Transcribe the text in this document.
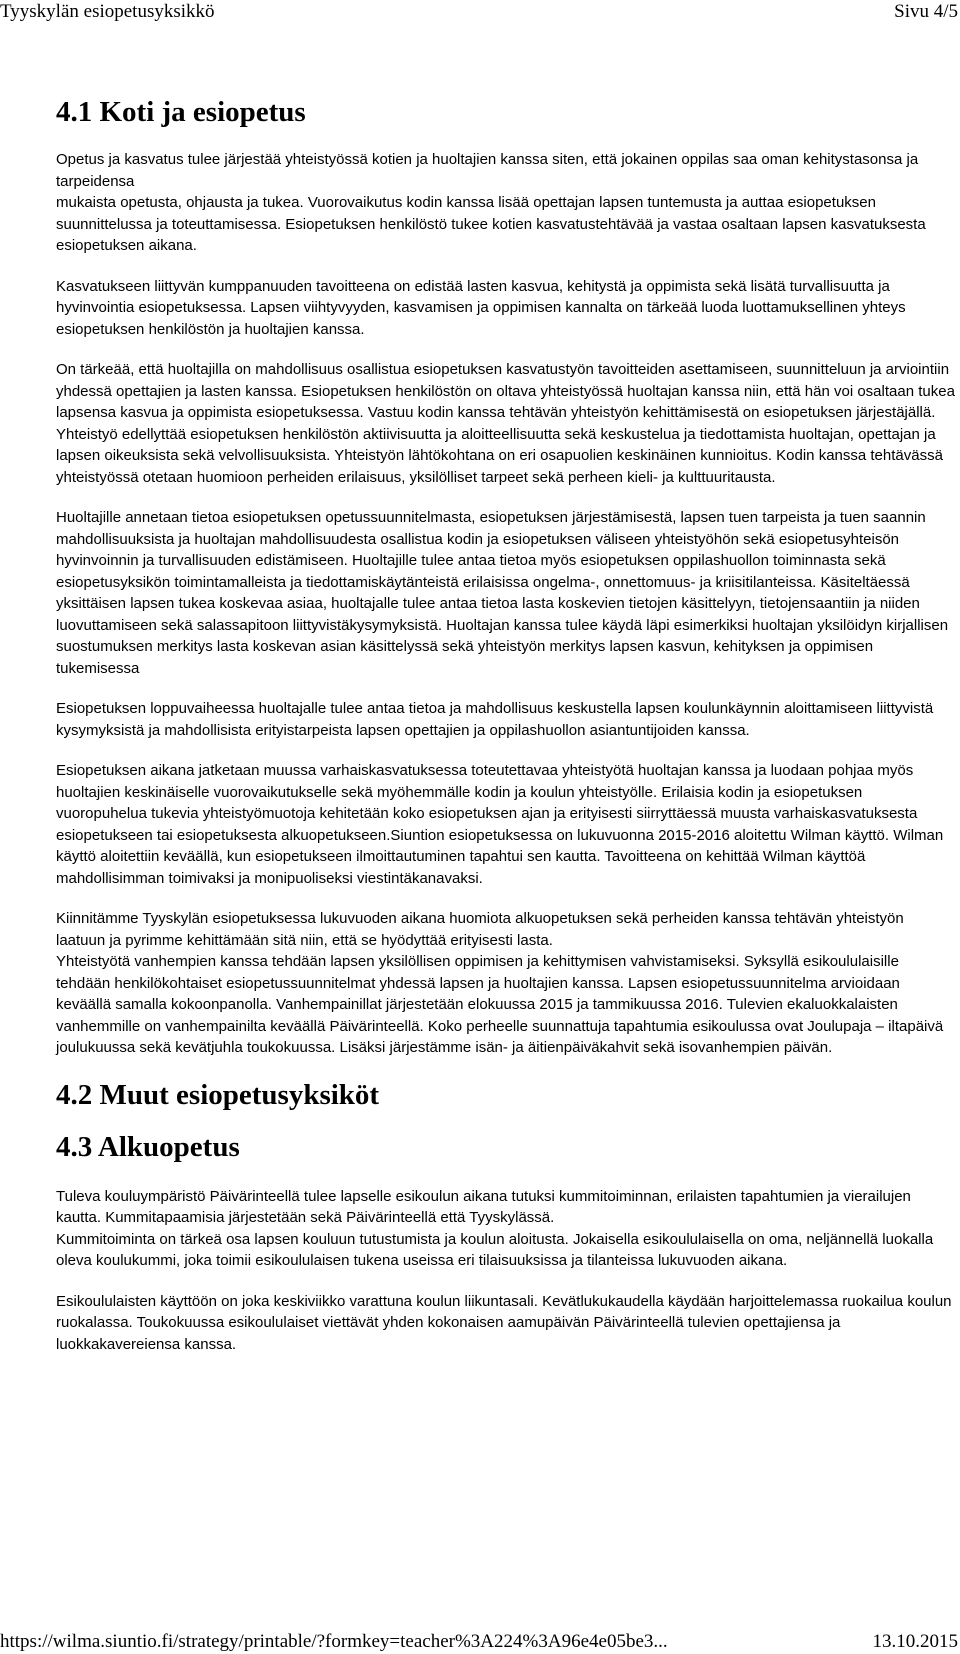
Tyyskylän esiopetusyksikkö	Sivu 4/5
4.1 Koti ja esiopetus

Opetus ja kasvatus tulee järjestää yhteistyössä kotien ja huoltajien kanssa siten, että jokainen oppilas saa oman kehitystasonsa ja tarpeidensa

mukaista opetusta, ohjausta ja tukea. Vuorovaikutus kodin kanssa lisää opettajan lapsen tuntemusta ja auttaa esiopetuksen suunnittelussa ja toteuttamisessa. Esiopetuksen henkilöstö tukee kotien kasvatustehtävää ja vastaa osaltaan lapsen kasvatuksesta esiopetuksen aikana.

Kasvatukseen liittyvän kumppanuuden tavoitteena on edistää lasten kasvua, kehitystä ja oppimista sekä lisätä turvallisuutta ja hyvinvointia esiopetuksessa. Lapsen viihtyvyyden, kasvamisen ja oppimisen kannalta on tärkeää luoda luottamuksellinen yhteys esiopetuksen henkilöstön ja huoltajien kanssa.

On tärkeää, että huoltajilla on mahdollisuus osallistua esiopetuksen kasvatustyön tavoitteiden asettamiseen, suunnitteluun ja arviointiin yhdessä opettajien ja lasten kanssa. Esiopetuksen henkilöstön on oltava yhteistyössä huoltajan kanssa niin, että hän voi osaltaan tukea lapsensa kasvua ja oppimista esiopetuksessa. Vastuu kodin kanssa tehtävän yhteistyön kehittämisestä on esiopetuksen järjestäjällä. Yhteistyö edellyttää esiopetuksen henkilöstön aktiivisuutta ja aloitteellisuutta sekä keskustelua ja tiedottamista huoltajan, opettajan ja lapsen oikeuksista sekä velvollisuuksista. Yhteistyön lähtökohtana on eri osapuolien keskinäinen kunnioitus. Kodin kanssa tehtävässä yhteistyössä otetaan huomioon perheiden erilaisuus, yksilölliset tarpeet sekä perheen kieli- ja kulttuuritausta.

Huoltajille annetaan tietoa esiopetuksen opetussuunnitelmasta, esiopetuksen järjestämisestä, lapsen tuen tarpeista ja tuen saannin mahdollisuuksista ja huoltajan mahdollisuudesta osallistua kodin ja esiopetuksen väliseen yhteistyöhön sekä esiopetusyhteisön hyvinvoinnin ja turvallisuuden edistämiseen. Huoltajille tulee antaa tietoa myös esiopetuksen oppilashuollon toiminnasta sekä esiopetusyksikön toimintamalleista ja tiedottamiskäytänteistä erilaisissa ongelma-, onnettomuus- ja kriisitilanteissa. Käsiteltäessä yksittäisen lapsen tukea koskevaa asiaa, huoltajalle tulee antaa tietoa lasta koskevien tietojen käsittelyyn, tietojensaantiin ja niiden luovuttamiseen sekä salassapitoon liittyvistäkysymyksistä. Huoltajan kanssa tulee käydä läpi esimerkiksi huoltajan yksilöidyn kirjallisen suostumuksen merkitys lasta koskevan asian käsittelyssä sekä yhteistyön merkitys lapsen kasvun, kehityksen ja oppimisen tukemisessa

Esiopetuksen loppuvaiheessa huoltajalle tulee antaa tietoa ja mahdollisuus keskustella lapsen koulunkäynnin aloittamiseen liittyvistä kysymyksistä ja mahdollisista erityistarpeista lapsen opettajien ja oppilashuollon asiantuntijoiden kanssa.

Esiopetuksen aikana jatketaan muussa varhaiskasvatuksessa toteutettavaa yhteistyötä huoltajan kanssa ja luodaan pohjaa myös huoltajien keskinäiselle vuorovaikutukselle sekä myöhemmälle kodin ja koulun yhteistyölle. Erilaisia kodin ja esiopetuksen vuoropuhelua tukevia yhteistyömuotoja kehitetään koko esiopetuksen ajan ja erityisesti siirryttäessä muusta varhaiskasvatuksesta esiopetukseen tai esiopetuksesta alkuopetukseen.Siuntion esiopetuksessa on lukuvuonna 2015-2016 aloitettu Wilman käyttö. Wilman käyttö aloitettiin keväällä, kun esiopetukseen ilmoittautuminen tapahtui sen kautta. Tavoitteena on kehittää Wilman käyttöä mahdollisimman toimivaksi ja monipuoliseksi viestintäkanavaksi.

Kiinnitämme Tyyskylän esiopetuksessa lukuvuoden aikana huomiota alkuopetuksen sekä perheiden kanssa tehtävän yhteistyön laatuun ja pyrimme kehittämään sitä niin, että se hyödyttää erityisesti lasta.

Yhteistyötä vanhempien kanssa tehdään lapsen yksilöllisen oppimisen ja kehittymisen vahvistamiseksi. Syksyllä esikoululaisille tehdään henkilökohtaiset esiopetussuunnitelmat yhdessä lapsen ja huoltajien kanssa. Lapsen esiopetussuunnitelma arvioidaan keväällä samalla kokoonpanolla. Vanhempainillat järjestetään elokuussa 2015 ja tammikuussa 2016. Tulevien ekaluokkalaisten vanhemmille on vanhempainilta keväällä Päivärinteellä. Koko perheelle suunnattuja tapahtumia esikoulussa ovat Joulupaja – iltapäivä joulukuussa sekä kevätjuhla toukokuussa. Lisäksi järjestämme isän- ja äitienpäiväkahvit sekä isovanhempien päivän.

4.2 Muut esiopetusyksiköt
4.3 Alkuopetus

Tuleva kouluympäristö Päivärinteellä tulee lapselle esikoulun aikana tutuksi kummitoiminnan, erilaisten tapahtumien ja vierailujen kautta. Kummitapaamisia järjestetään sekä Päivärinteellä että Tyyskylässä.

Kummitoiminta on tärkeä osa lapsen kouluun tutustumista ja koulun aloitusta. Jokaisella esikoululaisella on oma, neljännellä luokalla oleva koulukummi, joka toimii esikoululaisen tukena useissa eri tilaisuuksissa ja tilanteissa lukuvuoden aikana.

Esikoululaisten käyttöön on joka keskiviikko varattuna koulun liikuntasali. Kevätlukukaudella käydään harjoittelemassa ruokailua koulun ruokalassa. Toukokuussa esikoululaiset viettävät yhden kokonaisen aamupäivän Päivärinteellä tulevien opettajiensa ja luokkakavereiensa kanssa.

https://wilma.siuntio.fi/strategy/printable/?formkey=teacher%3A224%3A96e4e05be3...	13.10.2015
